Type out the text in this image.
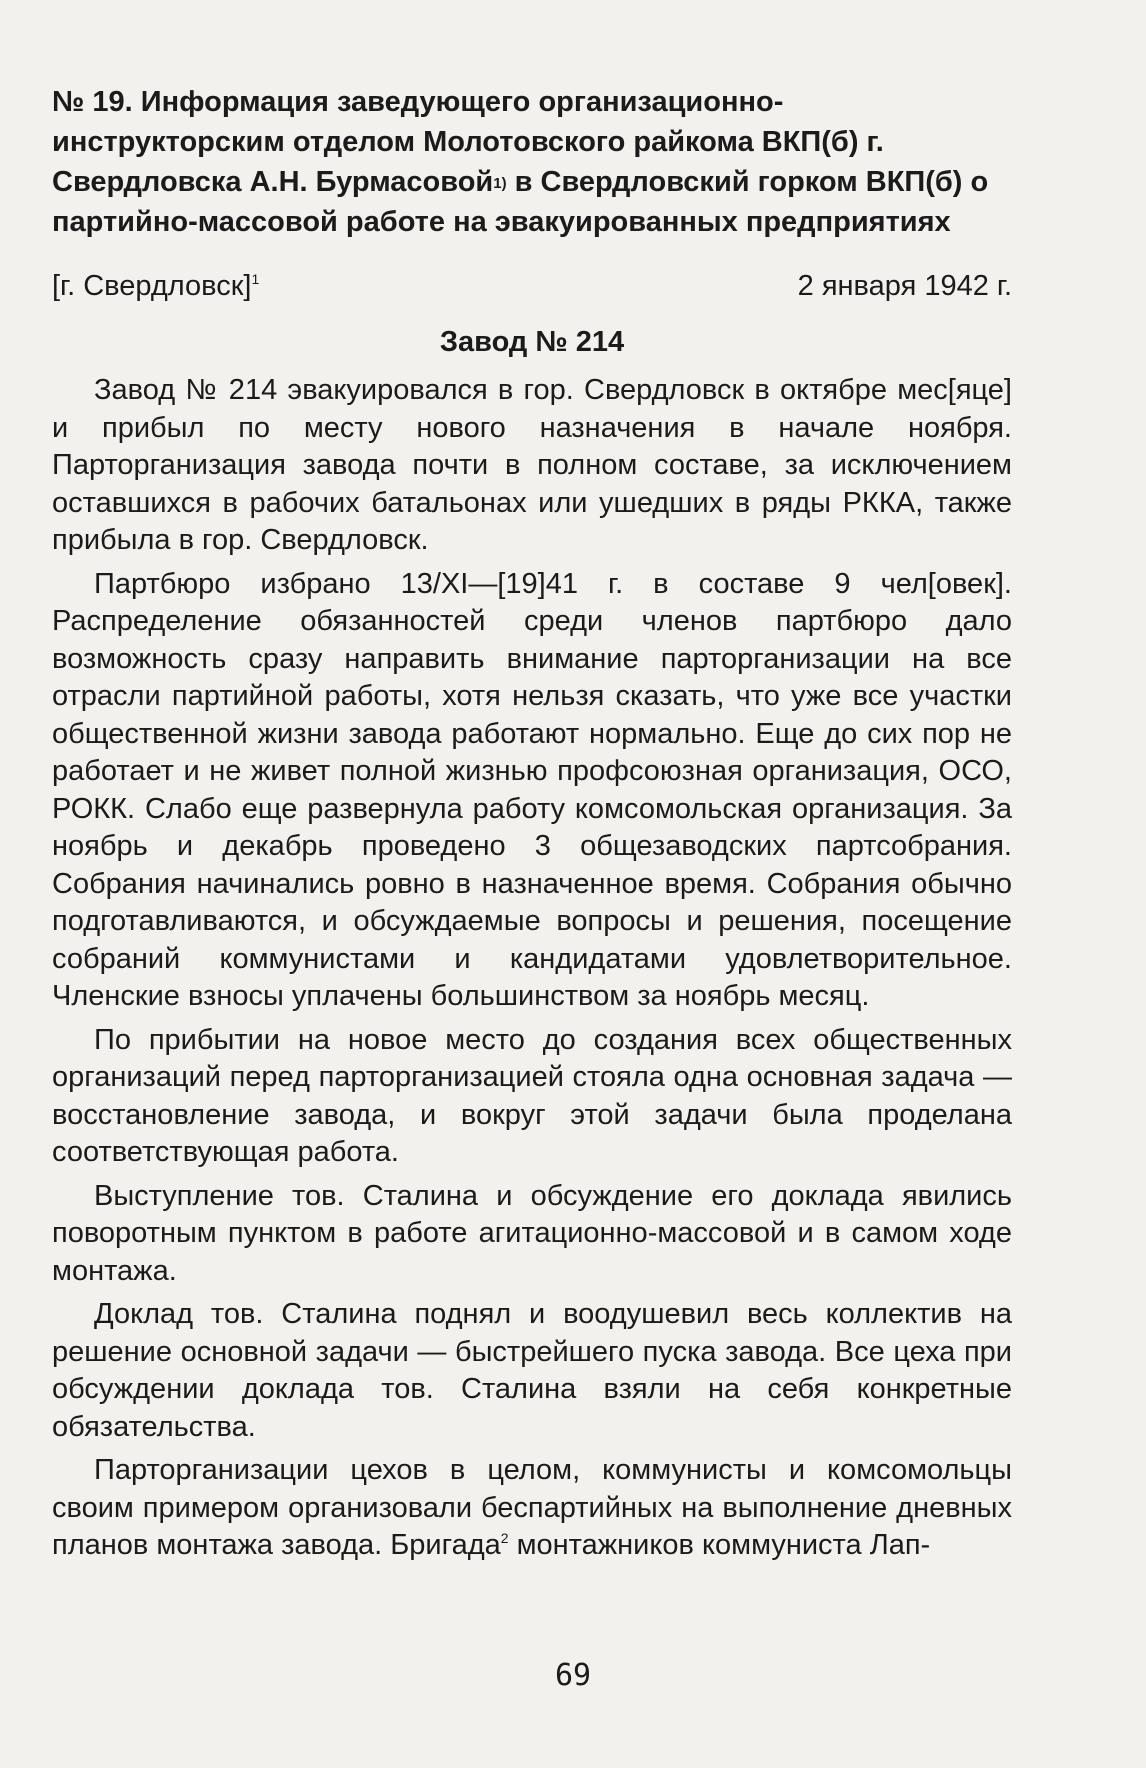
№ 19. Информация заведующего организационно-инструкторским отделом Молотовского райкома ВКП(б) г. Свердловска А.Н. Бурмасовой$^{1)}$ в Свердловский горком ВКП(б) о партийно-массовой работе на эвакуированных предприятиях
[г. Свердловск]$^1$	2 января 1942 г.
Завод № 214

Завод № 214 эвакуировался в гор. Свердловск в октябре мес[яце] и прибыл по месту нового назначения в начале ноября. Парторганизация завода почти в полном составе, за исключением оставшихся в рабочих батальонах или ушедших в ряды РККА, также прибыла в гор. Свердловск.

Партбюро избрано 13/XI—[19]41 г. в составе 9 чел[овек]. Распределение обязанностей среди членов партбюро дало возможность сразу направить внимание парторганизации на все отрасли партийной работы, хотя нельзя сказать, что уже все участки общественной жизни завода работают нормально. Еще до сих пор не работает и не живет полной жизнью профсоюзная организация, ОСО, РОКК. Слабо еще развернула работу комсомольская организация. За ноябрь и декабрь проведено 3 общезаводских партсобрания. Собрания начинались ровно в назначенное время. Собрания обычно подготавливаются, и обсуждаемые вопросы и решения, посещение собраний коммунистами и кандидатами удовлетворительное. Членские взносы уплачены большинством за ноябрь месяц.

По прибытии на новое место до создания всех общественных организаций перед парторганизацией стояла одна основная задача — восстановление завода, и вокруг этой задачи была проделана соответствующая работа.

Выступление тов. Сталина и обсуждение его доклада явились поворотным пунктом в работе агитационно-массовой и в самом ходе монтажа.

Доклад тов. Сталина поднял и воодушевил весь коллектив на решение основной задачи — быстрейшего пуска завода. Все цеха при обсуждении доклада тов. Сталина взяли на себя конкретные обязательства.

Парторганизации цехов в целом, коммунисты и комсомольцы своим примером организовали беспартийных на выполнение дневных планов монтажа завода. Бригада$^2$ монтажников коммуниста Лап-

69
